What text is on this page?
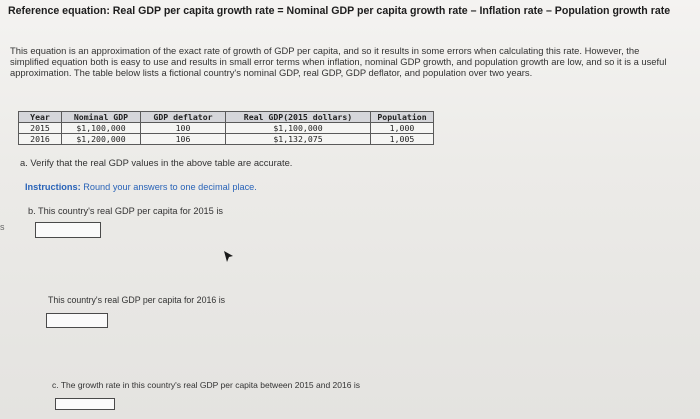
Reference equation: Real GDP per capita growth rate = Nominal GDP per capita growth rate – Inflation rate – Population growth rate
This equation is an approximation of the exact rate of growth of GDP per capita, and so it results in some errors when calculating this rate. However, the simplified equation both is easy to use and results in small error terms when inflation, nominal GDP growth, and population growth are low, and so it is a useful approximation. The table below lists a fictional country's nominal GDP, real GDP, GDP deflator, and population over two years.
Year	Nominal GDP	GDP deflator	Real GDP(2015 dollars)	Population
2015	$1,100,000	100	$1,100,000	1,000
2016	$1,200,000	106	$1,132,075	1,005
a. Verify that the real GDP values in the above table are accurate.
Instructions: Round your answers to one decimal place.
b. This country's real GDP per capita for 2015 is
s
This country's real GDP per capita for 2016 is
c. The growth rate in this country's real GDP per capita between 2015 and 2016 is
